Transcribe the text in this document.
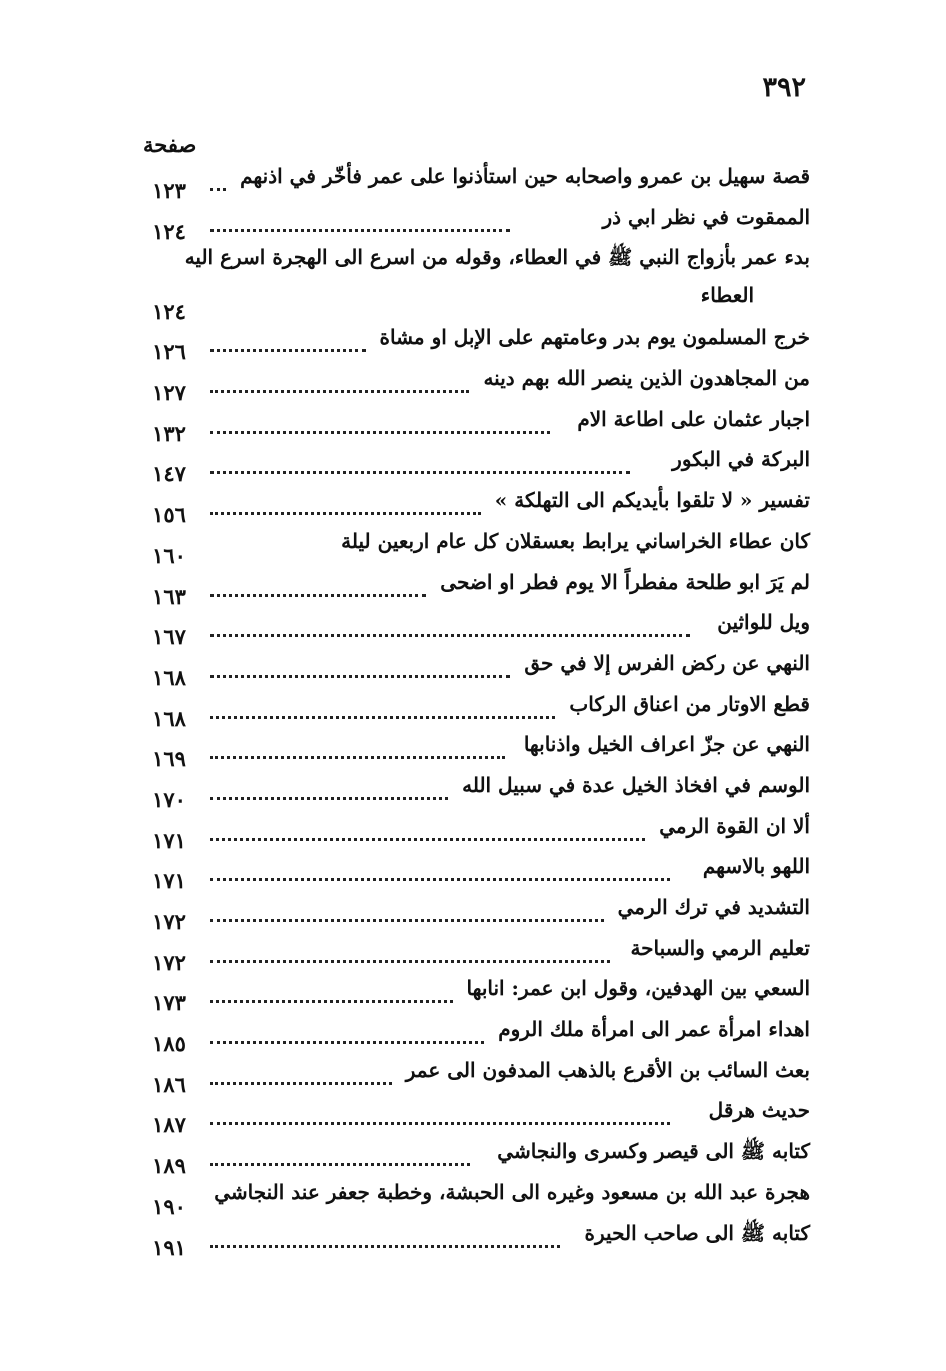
٣٩٢
صفحة
قصة سهيل بن عمرو واصحابه حين استأذنوا على عمر فأخّر في اذنهم
١٢٣
الممقوت في نظر ابي ذر
١٢٤
بدء عمر بأزواج النبي ﷺ في العطاء، وقوله من اسرع الى الهجرة اسرع اليه
العطاء
١٢٤
خرج المسلمون يوم بدر وعامتهم على الإبل او مشاة
١٢٦
من المجاهدون الذين ينصر الله بهم دينه
١٢٧
اجبار عثمان على اطاعة الام
١٣٢
البركة في البكور
١٤٧
تفسير « لا تلقوا بأيديكم الى التهلكة »
١٥٦
كان عطاء الخراساني يرابط بعسقلان كل عام اربعين ليلة
١٦٠
لم يَرَ ابو طلحة مفطراً الا يوم فطر او اضحى
١٦٣
ويل للواثين
١٦٧
النهي عن ركض الفرس إلا في حق
١٦٨
قطع الاوتار من اعناق الركاب
١٦٨
النهي عن جزّ اعراف الخيل واذنابها
١٦٩
الوسم في افخاذ الخيل عدة في سبيل الله
١٧٠
ألا ان القوة الرمي
١٧١
اللهو بالاسهم
١٧١
التشديد في ترك الرمي
١٧٢
تعليم الرمي والسباحة
١٧٢
السعي بين الهدفين، وقول ابن عمر: انابها
١٧٣
اهداء امرأة عمر الى امرأة ملك الروم
١٨٥
بعث السائب بن الأقرع بالذهب المدفون الى عمر
١٨٦
حديث هرقل
١٨٧
كتابه ﷺ الى قيصر وكسرى والنجاشي
١٨٩
هجرة عبد الله بن مسعود وغيره الى الحبشة، وخطبة جعفر عند النجاشي
١٩٠
كتابه ﷺ الى صاحب الحيرة
١٩١
